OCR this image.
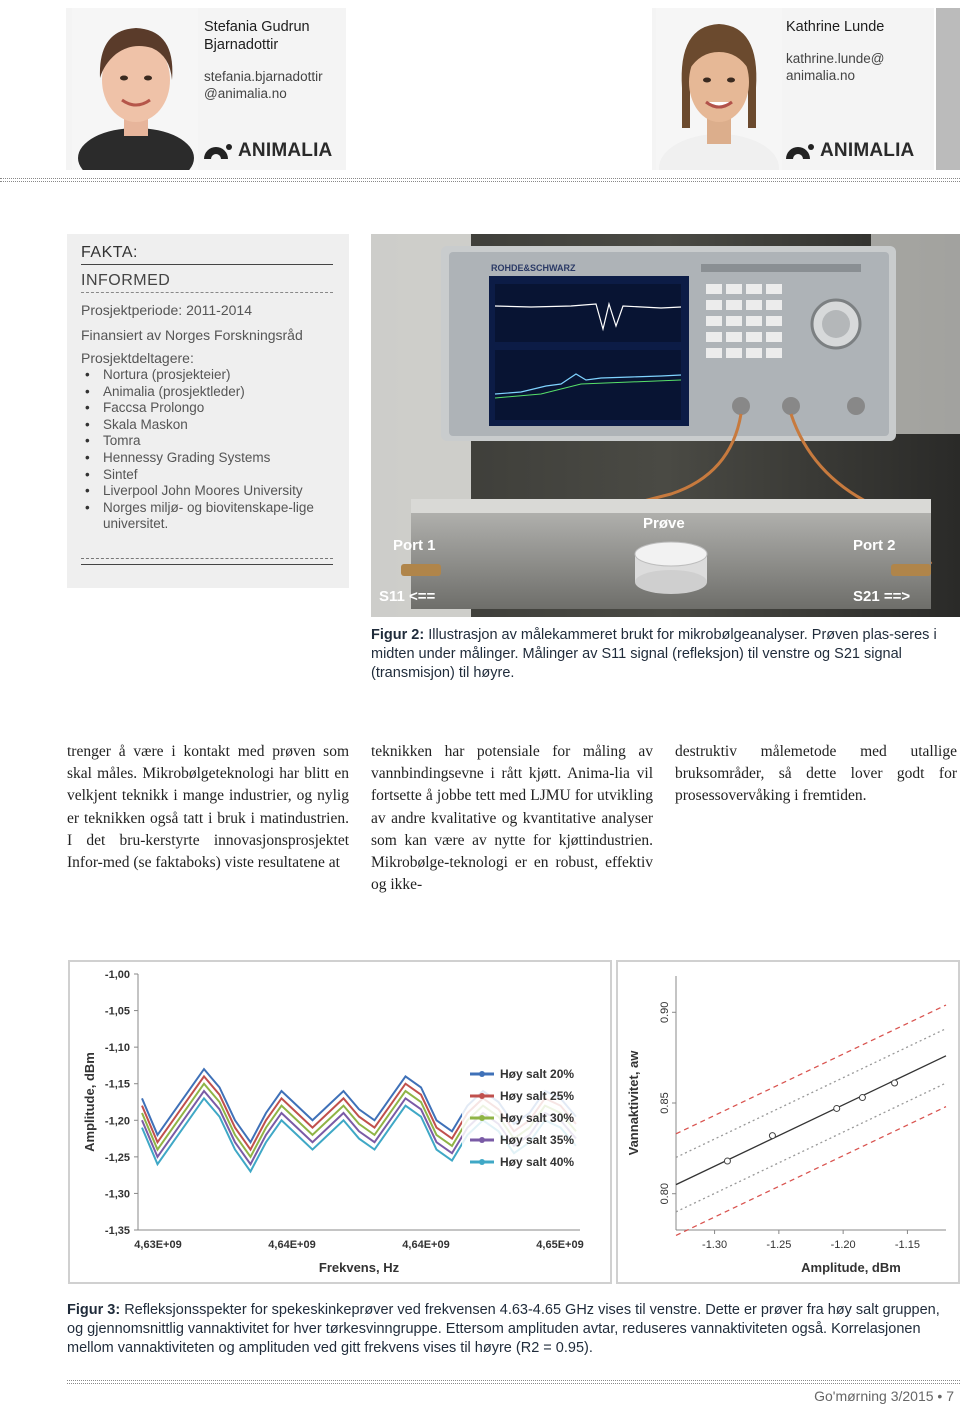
Stefania Gudrun Bjarnadottir
stefania.bjarnadottir @animalia.no
ANIMALIA
Kathrine Lunde
kathrine.lunde@ animalia.no
ANIMALIA
FAKTA:
INFORMED
Prosjektperiode: 2011-2014
Finansiert av Norges Forskningsråd
Prosjektdeltagere:
• Nortura (prosjekteier)
• Animalia (prosjektleder)
• Faccsa Prolongo
• Skala Maskon
• Tomra
• Hennessy Grading Systems
• Sintef
• Liverpool John Moores University
• Norges miljø- og biovitenskape-lige universitet.
ROHDE&SCHWARZ
Port 1	Port 2
Prøve
S11 <==	S21 ==>
Figur 2: Illustrasjon av målekammeret brukt for mikrobølgeanalyser. Prøven plas-seres i midten under målinger. Målinger av S11 signal (refleksjon) til venstre og S21 signal (transmisjon) til høyre.
trenger å være i kontakt med prøven som skal måles. Mikrobølgeteknologi har blitt en velkjent teknikk i mange industrier, og nylig er teknikken også tatt i bruk i matindustrien. I det bru-kerstyrte innovasjonsprosjektet Infor-med (se faktaboks) viste resultatene at
teknikken har potensiale for måling av vannbindingsevne i rått kjøtt. Anima-lia vil fortsette å jobbe tett med LJMU for utvikling av andre kvalitative og kvantitative analyser som kan være av nytte for kjøttindustrien. Mikrobølge-teknologi er en robust, effektiv og ikke-
destruktiv målemetode med utallige bruksområder, så dette lover godt for prosessovervåking i fremtiden.
-1,00
-1,05
-1,10
-1,15
-1,20
-1,25
-1,30
-1,35
4,63E+09	4,64E+09	4,64E+09	4,65E+09
Frekvens, Hz
Amplitude, dBm	Høy salt 20%
Høy salt 25%
Høy salt 30%
Høy salt 35%
Høy salt 40%
0.80
0.85
0.90
-1.30	-1.25	-1.20	-1.15
Amplitude, dBm
Vannaktivitet, aw
Figur 3: Refleksjonsspekter for spekeskinkeprøver ved frekvensen 4.63-4.65 GHz vises til venstre. Dette er prøver fra høy salt gruppen, og gjennomsnittlig vannaktivitet for hver tørkesvinngruppe. Ettersom amplituden avtar, reduseres vannaktiviteten også. Korrelasjonen mellom vannaktiviteten og amplituden ved gitt frekvens vises til høyre (R2 = 0.95).
Go'mørning 3/2015 • 7
